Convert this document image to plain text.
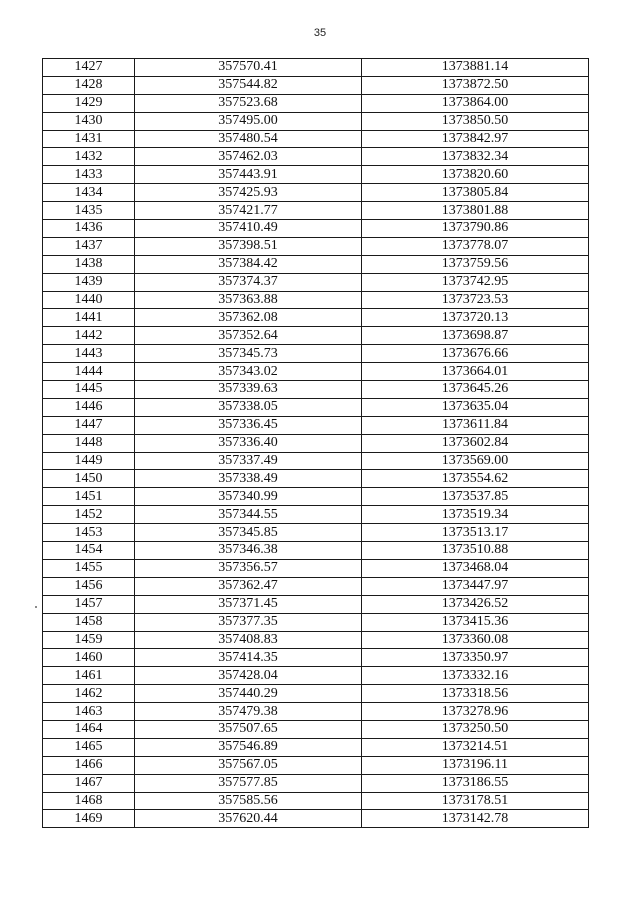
35
1427	357570.41	1373881.14
1428	357544.82	1373872.50
1429	357523.68	1373864.00
1430	357495.00	1373850.50
1431	357480.54	1373842.97
1432	357462.03	1373832.34
1433	357443.91	1373820.60
1434	357425.93	1373805.84
1435	357421.77	1373801.88
1436	357410.49	1373790.86
1437	357398.51	1373778.07
1438	357384.42	1373759.56
1439	357374.37	1373742.95
1440	357363.88	1373723.53
1441	357362.08	1373720.13
1442	357352.64	1373698.87
1443	357345.73	1373676.66
1444	357343.02	1373664.01
1445	357339.63	1373645.26
1446	357338.05	1373635.04
1447	357336.45	1373611.84
1448	357336.40	1373602.84
1449	357337.49	1373569.00
1450	357338.49	1373554.62
1451	357340.99	1373537.85
1452	357344.55	1373519.34
1453	357345.85	1373513.17
1454	357346.38	1373510.88
1455	357356.57	1373468.04
1456	357362.47	1373447.97
1457	357371.45	1373426.52
1458	357377.35	1373415.36
1459	357408.83	1373360.08
1460	357414.35	1373350.97
1461	357428.04	1373332.16
1462	357440.29	1373318.56
1463	357479.38	1373278.96
1464	357507.65	1373250.50
1465	357546.89	1373214.51
1466	357567.05	1373196.11
1467	357577.85	1373186.55
1468	357585.56	1373178.51
1469	357620.44	1373142.78
